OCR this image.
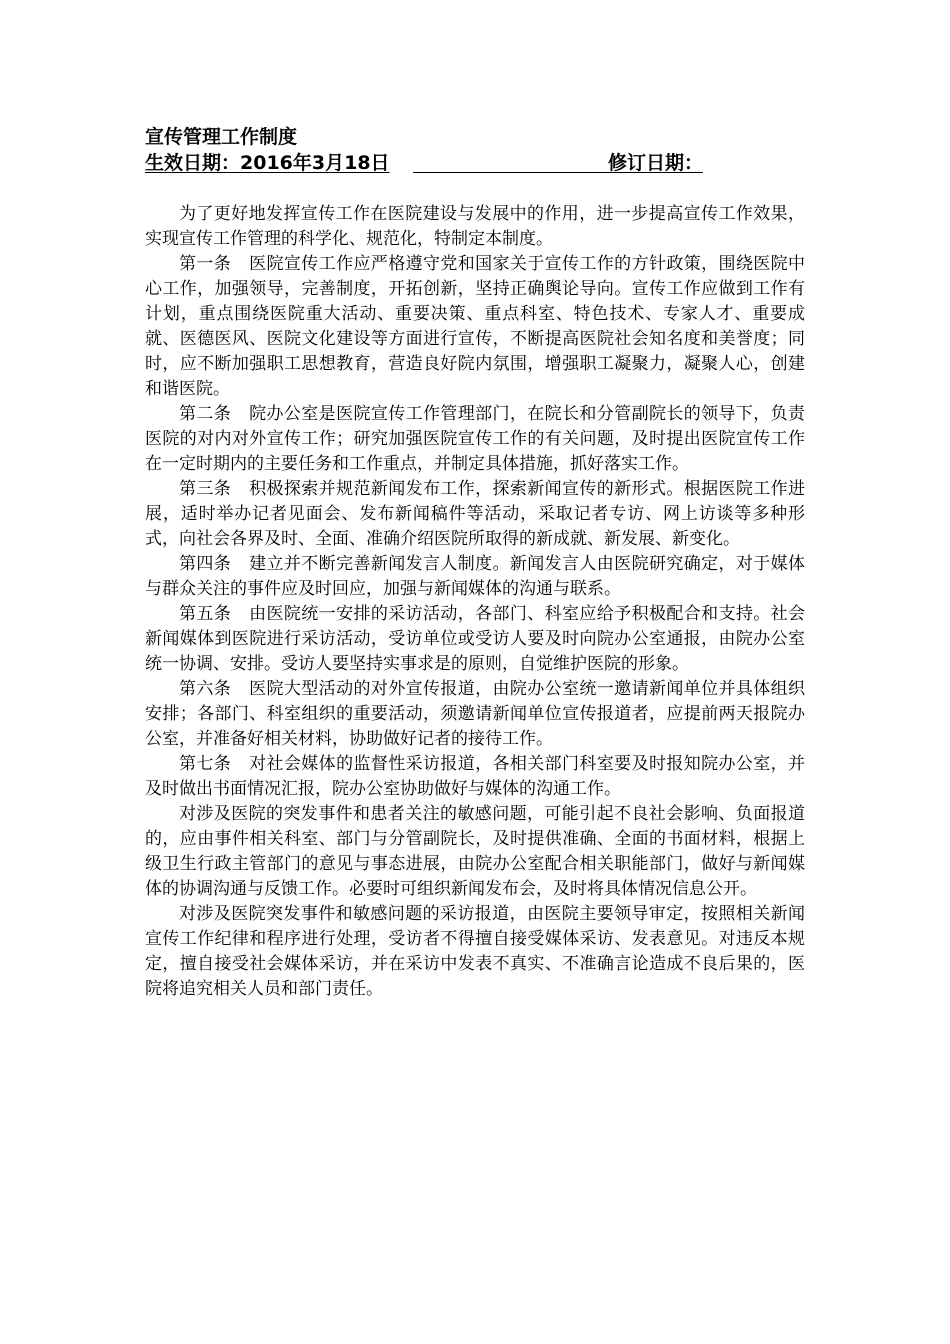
宣传管理工作制度
生效日期：2016年3月18日	修订日期：

为了更好地发挥宣传工作在医院建设与发展中的作用，进一步提高宣传工作效果，实现宣传工作管理的科学化、规范化，特制定本制度。

第一条 医院宣传工作应严格遵守党和国家关于宣传工作的方针政策，围绕医院中心工作，加强领导，完善制度，开拓创新，坚持正确舆论导向。宣传工作应做到工作有计划，重点围绕医院重大活动、重要决策、重点科室、特色技术、专家人才、重要成就、医德医风、医院文化建设等方面进行宣传，不断提高医院社会知名度和美誉度；同时，应不断加强职工思想教育，营造良好院内氛围，增强职工凝聚力，凝聚人心，创建和谐医院。

第二条 院办公室是医院宣传工作管理部门，在院长和分管副院长的领导下，负责医院的对内对外宣传工作；研究加强医院宣传工作的有关问题，及时提出医院宣传工作在一定时期内的主要任务和工作重点，并制定具体措施，抓好落实工作。

第三条 积极探索并规范新闻发布工作，探索新闻宣传的新形式。根据医院工作进展，适时举办记者见面会、发布新闻稿件等活动，采取记者专访、网上访谈等多种形式，向社会各界及时、全面、准确介绍医院所取得的新成就、新发展、新变化。

第四条 建立并不断完善新闻发言人制度。新闻发言人由医院研究确定，对于媒体与群众关注的事件应及时回应，加强与新闻媒体的沟通与联系。

第五条 由医院统一安排的采访活动，各部门、科室应给予积极配合和支持。社会新闻媒体到医院进行采访活动，受访单位或受访人要及时向院办公室通报，由院办公室统一协调、安排。受访人要坚持实事求是的原则，自觉维护医院的形象。

第六条 医院大型活动的对外宣传报道，由院办公室统一邀请新闻单位并具体组织安排；各部门、科室组织的重要活动，须邀请新闻单位宣传报道者，应提前两天报院办公室，并准备好相关材料，协助做好记者的接待工作。

第七条 对社会媒体的监督性采访报道，各相关部门科室要及时报知院办公室，并及时做出书面情况汇报，院办公室协助做好与媒体的沟通工作。

对涉及医院的突发事件和患者关注的敏感问题，可能引起不良社会影响、负面报道的，应由事件相关科室、部门与分管副院长，及时提供准确、全面的书面材料，根据上级卫生行政主管部门的意见与事态进展，由院办公室配合相关职能部门，做好与新闻媒体的协调沟通与反馈工作。必要时可组织新闻发布会，及时将具体情况信息公开。

对涉及医院突发事件和敏感问题的采访报道，由医院主要领导审定，按照相关新闻宣传工作纪律和程序进行处理，受访者不得擅自接受媒体采访、发表意见。对违反本规定，擅自接受社会媒体采访，并在采访中发表不真实、不准确言论造成不良后果的，医院将追究相关人员和部门责任。
